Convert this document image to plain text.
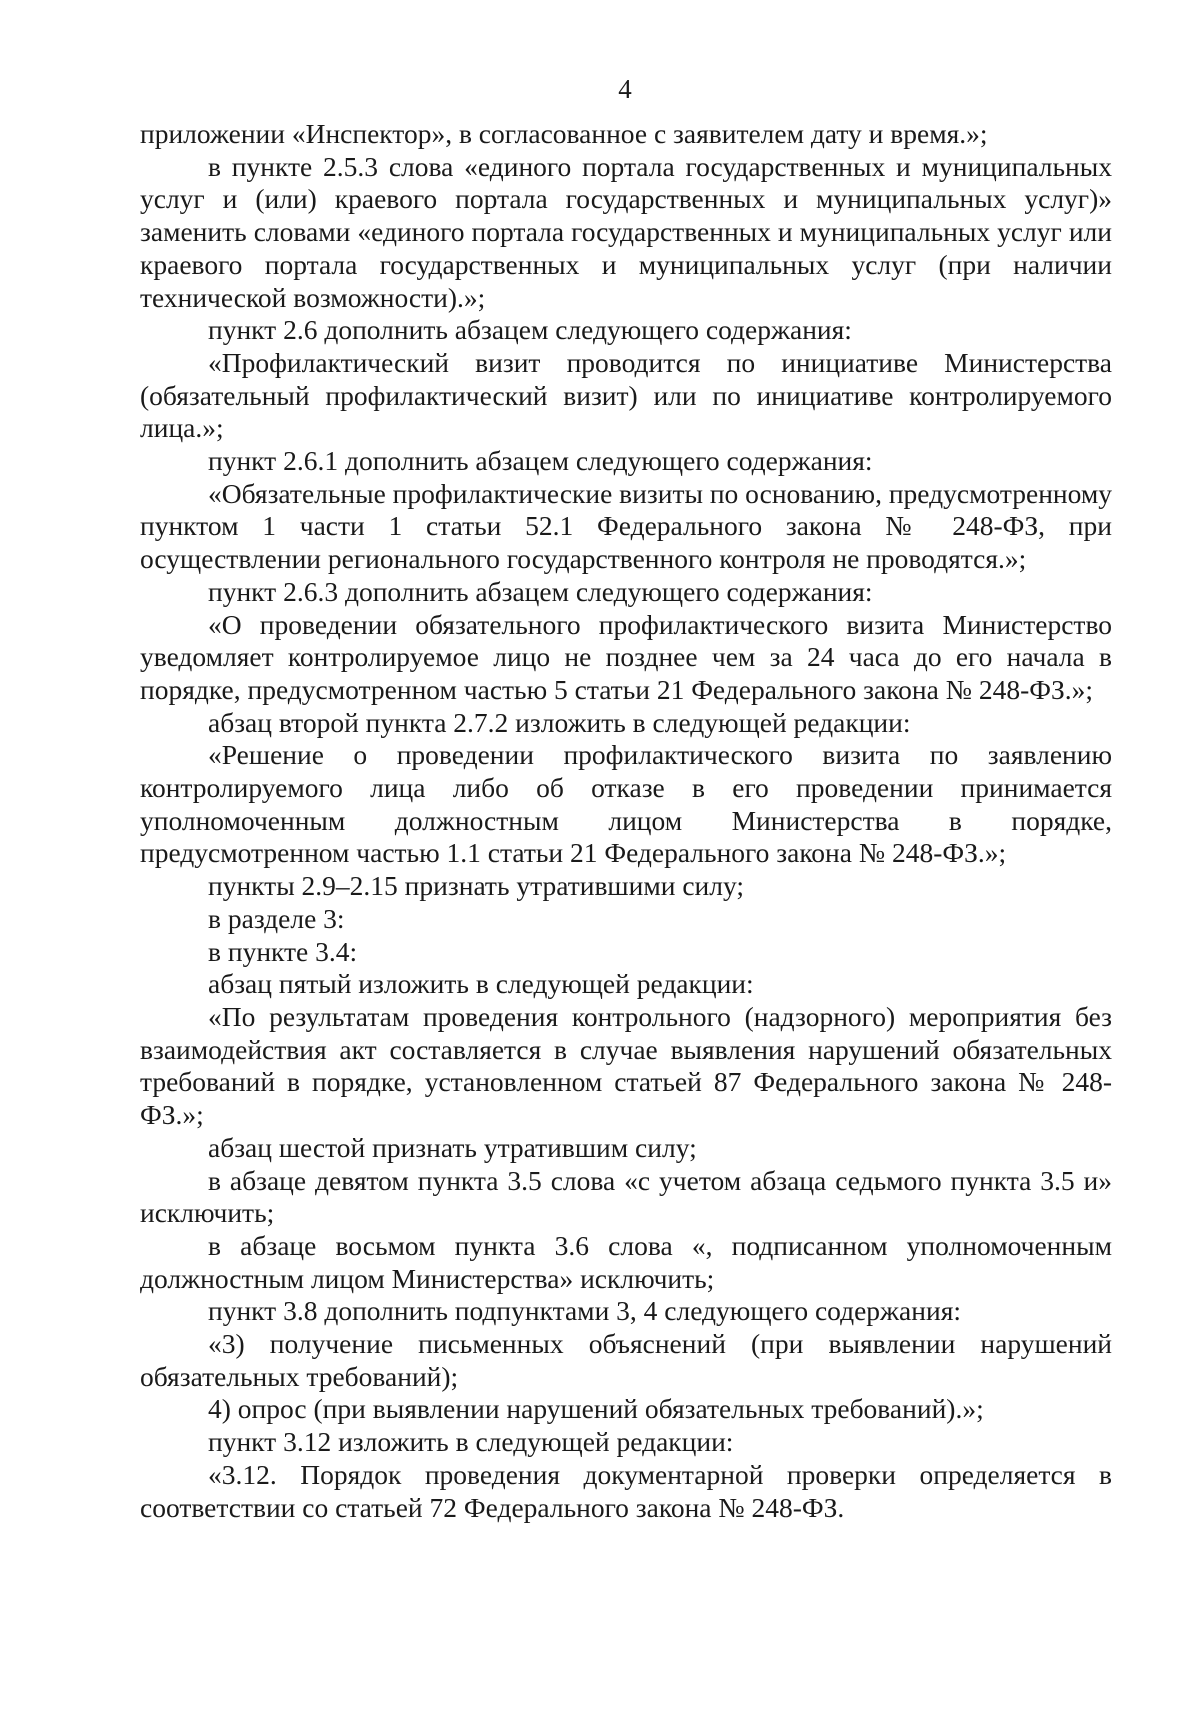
4

приложении «Инспектор», в согласованное с заявителем дату и время.»;

в пункте 2.5.3 слова «единого портала государственных и муниципальных услуг и (или) краевого портала государственных и муниципальных услуг)» заменить словами «единого портала государственных и муниципальных услуг или краевого портала государственных и муниципальных услуг (при наличии технической возможности).»;

пункт 2.6 дополнить абзацем следующего содержания:

«Профилактический визит проводится по инициативе Министерства (обязательный профилактический визит) или по инициативе контролируемого лица.»;

пункт 2.6.1 дополнить абзацем следующего содержания:

«Обязательные профилактические визиты по основанию, предусмотренному пунктом 1 части 1 статьи 52.1 Федерального закона № 248-ФЗ, при осуществлении регионального государственного контроля не проводятся.»;

пункт 2.6.3 дополнить абзацем следующего содержания:

«О проведении обязательного профилактического визита Министерство уведомляет контролируемое лицо не позднее чем за 24 часа до его начала в порядке, предусмотренном частью 5 статьи 21 Федерального закона № 248-ФЗ.»;

абзац второй пункта 2.7.2 изложить в следующей редакции:

«Решение о проведении профилактического визита по заявлению контролируемого лица либо об отказе в его проведении принимается уполномоченным должностным лицом Министерства в порядке, предусмотренном частью 1.1 статьи 21 Федерального закона № 248-ФЗ.»;

пункты 2.9–2.15 признать утратившими силу;

в разделе 3:

в пункте 3.4:

абзац пятый изложить в следующей редакции:

«По результатам проведения контрольного (надзорного) мероприятия без взаимодействия акт составляется в случае выявления нарушений обязательных требований в порядке, установленном статьей 87 Федерального закона № 248-ФЗ.»;

абзац шестой признать утратившим силу;

в абзаце девятом пункта 3.5 слова «с учетом абзаца седьмого пункта 3.5 и» исключить;

в абзаце восьмом пункта 3.6 слова «, подписанном уполномоченным должностным лицом Министерства» исключить;

пункт 3.8 дополнить подпунктами 3, 4 следующего содержания:

«3) получение письменных объяснений (при выявлении нарушений обязательных требований);

4) опрос (при выявлении нарушений обязательных требований).»;

пункт 3.12 изложить в следующей редакции:

«3.12. Порядок проведения документарной проверки определяется в соответствии со статьей 72 Федерального закона № 248-ФЗ.
